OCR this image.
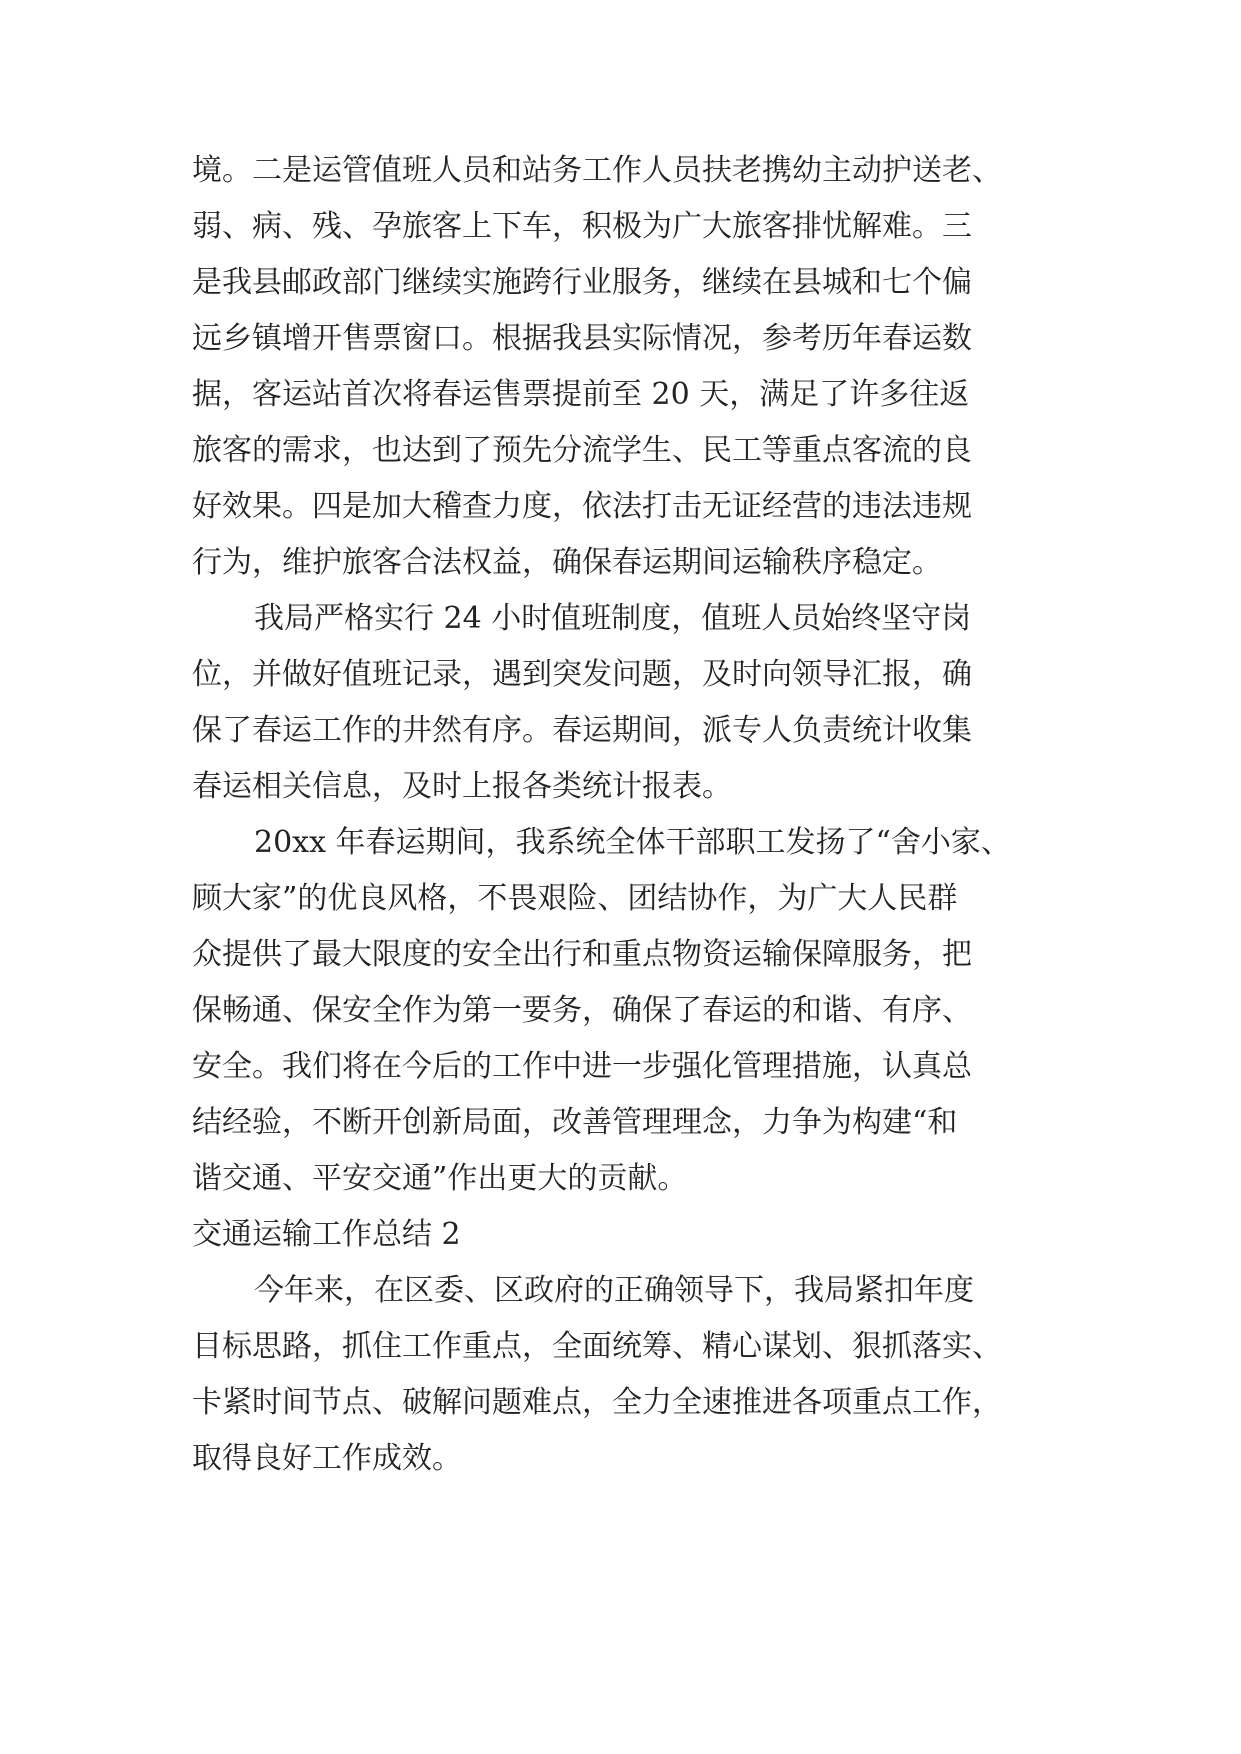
境。二是运管值班人员和站务工作人员扶老携幼主动护送老、
弱、病、残、孕旅客上下车，积极为广大旅客排忧解难。三
是我县邮政部门继续实施跨行业服务，继续在县城和七个偏
远乡镇增开售票窗口。根据我县实际情况，参考历年春运数
据，客运站首次将春运售票提前至 20 天，满足了许多往返
旅客的需求，也达到了预先分流学生、民工等重点客流的良
好效果。四是加大稽查力度，依法打击无证经营的违法违规
行为，维护旅客合法权益，确保春运期间运输秩序稳定。
我局严格实行 24 小时值班制度，值班人员始终坚守岗
位，并做好值班记录，遇到突发问题，及时向领导汇报，确
保了春运工作的井然有序。春运期间，派专人负责统计收集
春运相关信息，及时上报各类统计报表。
20xx 年春运期间，我系统全体干部职工发扬了“舍小家、
顾大家”的优良风格，不畏艰险、团结协作，为广大人民群
众提供了最大限度的安全出行和重点物资运输保障服务，把
保畅通、保安全作为第一要务，确保了春运的和谐、有序、
安全。我们将在今后的工作中进一步强化管理措施，认真总
结经验，不断开创新局面，改善管理理念，力争为构建“和
谐交通、平安交通”作出更大的贡献。
交通运输工作总结 2
今年来，在区委、区政府的正确领导下，我局紧扣年度
目标思路，抓住工作重点，全面统筹、精心谋划、狠抓落实、
卡紧时间节点、破解问题难点，全力全速推进各项重点工作，
取得良好工作成效。
